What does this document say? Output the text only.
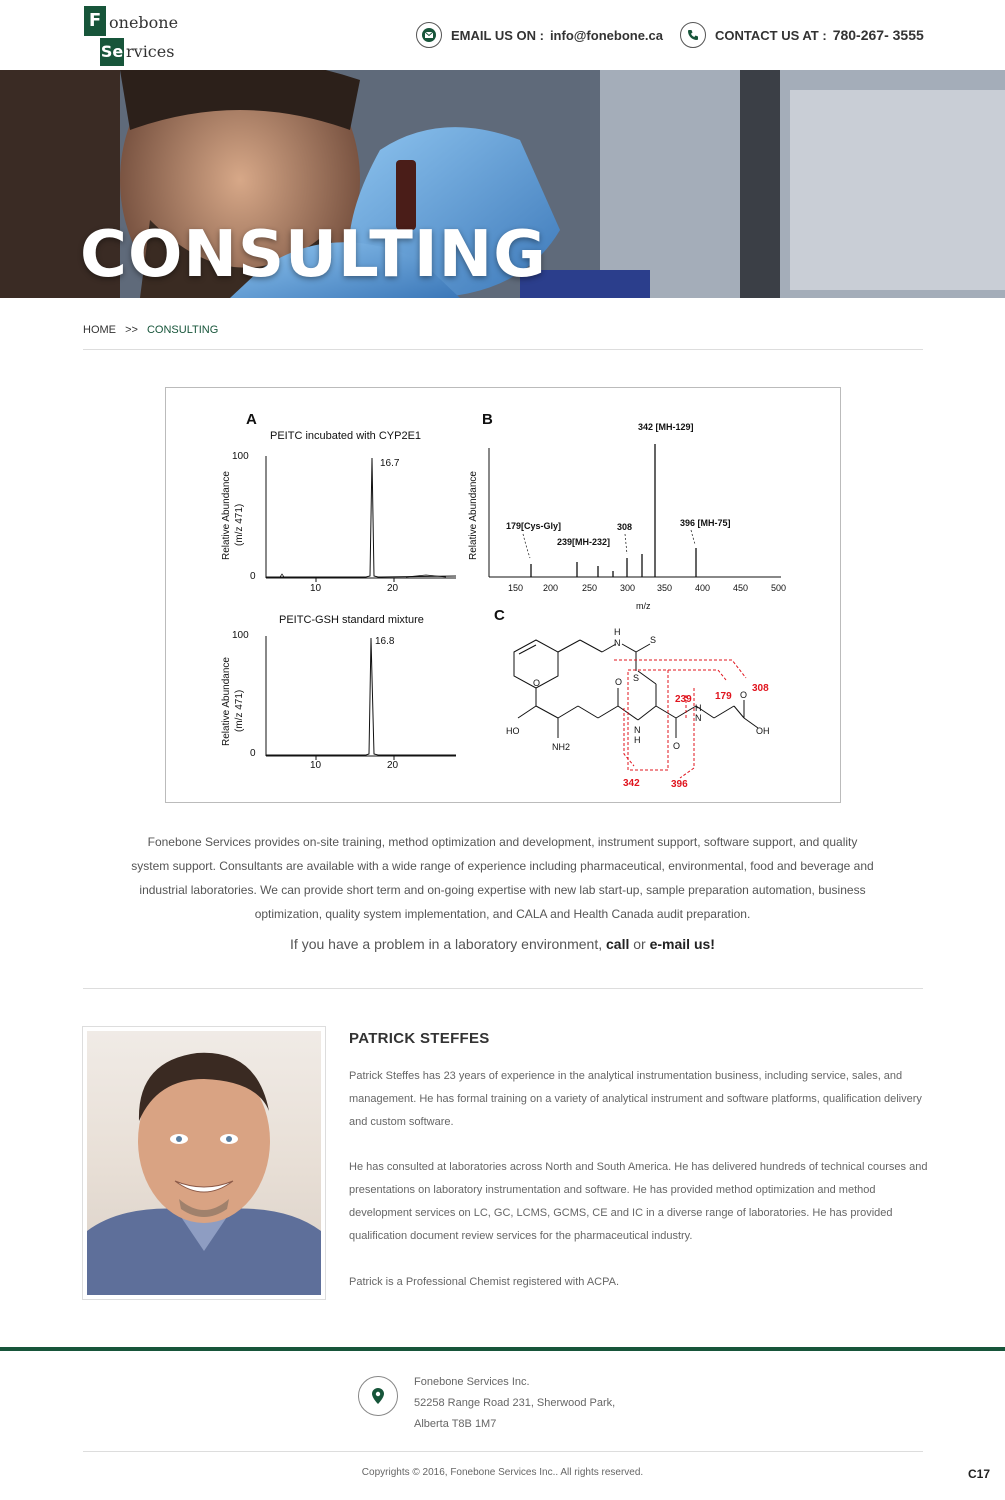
F onebone
Se rvices
EMAIL US ON : info@fonebone.ca	CONTACT US AT : 780-267- 3555
CONSULTING
HOME >> CONSULTING
A
PEITC incubated with CYP2E1
100
0
Relative Abundance (m/z 471)
16.7
10	20
PEITC-GSH standard mixture
100
0
Relative Abundance (m/z 471)
16.8
10	20
B
Relative Abundance
150 200	250	300 350	400	450	500
m/z
342 [MH-129]
179[Cys-Gly]	308	396 [MH-75]
239[MH-232]
C
H
N	S
S
O
HO
NH2
O
N
H
O
H
N
O
OH
308
239 179
342	396
Fonebone Services provides on-site training, method optimization and development, instrument support, software support, and quality system support. Consultants are available with a wide range of experience including pharmaceutical, environmental, food and beverage and industrial laboratories. We can provide short term and on-going expertise with new lab start-up, sample preparation automation, business optimization, quality system implementation, and CALA and Health Canada audit preparation.
If you have a problem in a laboratory environment, call or e-mail us!
PATRICK STEFFES

Patrick Steffes has 23 years of experience in the analytical instrumentation business, including service, sales, and management. He has formal training on a variety of analytical instrument and software platforms, qualification delivery and custom software.

He has consulted at laboratories across North and South America. He has delivered hundreds of technical courses and presentations on laboratory instrumentation and software. He has provided method optimization and method development services on LC, GC, LCMS, GCMS, CE and IC in a diverse range of laboratories. He has provided qualification document review services for the pharmaceutical industry.

Patrick is a Professional Chemist registered with ACPA.

Fonebone Services Inc.
52258 Range Road 231, Sherwood Park,
Alberta T8B 1M7
Copyrights © 2016, Fonebone Services Inc.. All rights reserved.	C17
